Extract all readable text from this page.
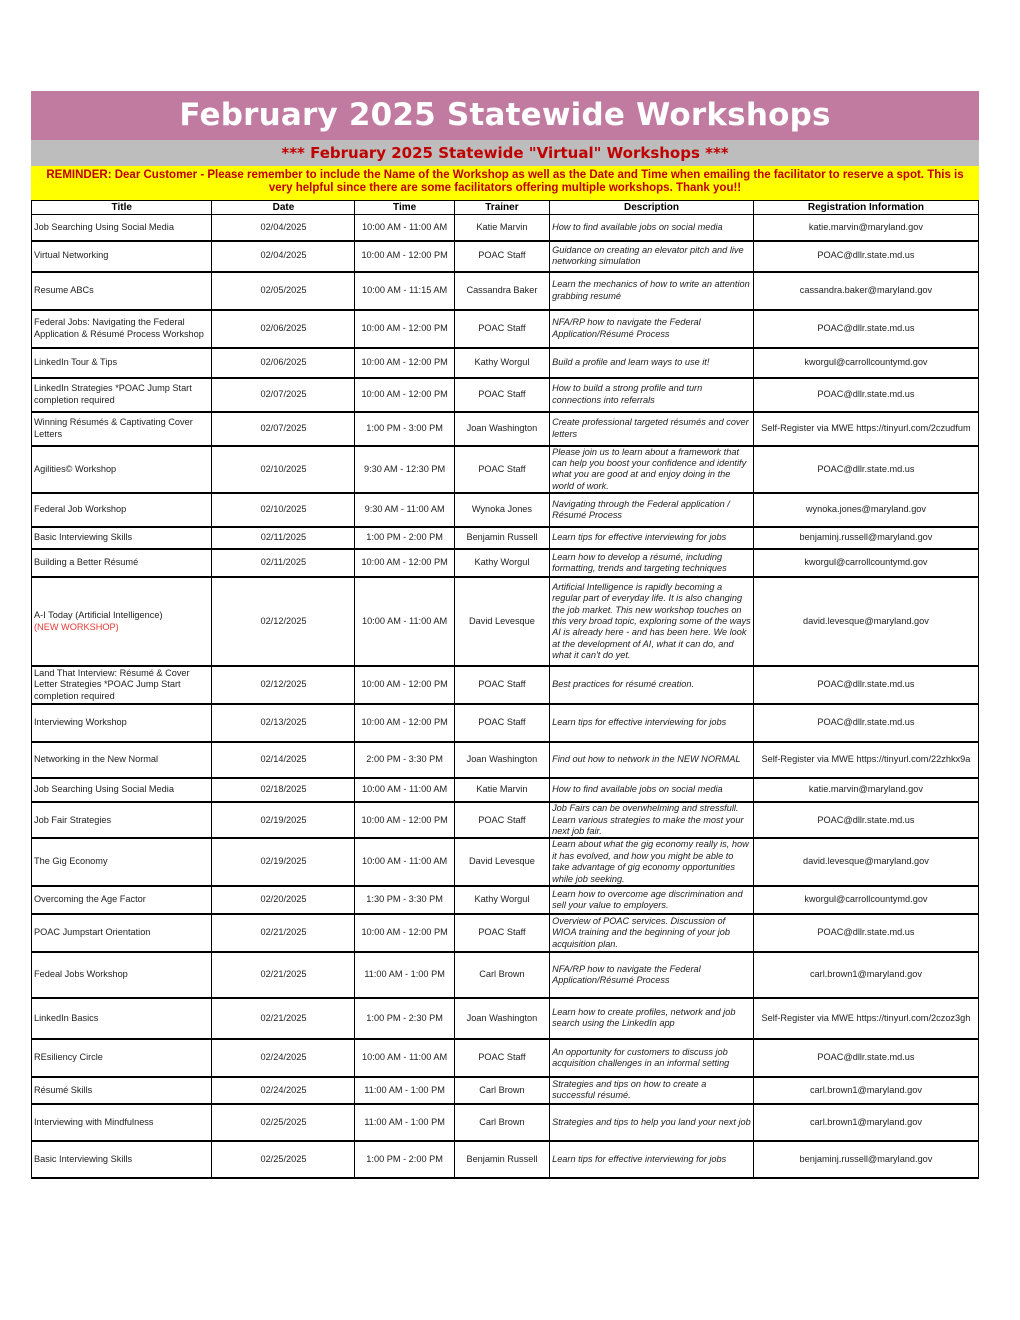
February 2025 Statewide Workshops
*** February 2025 Statewide "Virtual" Workshops ***
REMINDER: Dear Customer - Please remember to include the Name of the Workshop as well as the Date and Time when emailing the facilitator to reserve a spot. This is very helpful since there are some facilitators offering multiple workshops. Thank you!!
Title	Date	Time	Trainer	Description	Registration Information
Job Searching Using Social Media	02/04/2025	10:00 AM - 11:00 AM	Katie Marvin	How to find available jobs on social media	katie.marvin@maryland.gov
Virtual Networking	02/04/2025	10:00 AM - 12:00 PM	POAC Staff	Guidance on creating an elevator pitch and live networking simulation	POAC@dllr.state.md.us
Resume ABCs	02/05/2025	10:00 AM - 11:15 AM	Cassandra Baker	Learn the mechanics of how to write an attention grabbing resumé	cassandra.baker@maryland.gov
Federal Jobs: Navigating the Federal Application & Résumé Process Workshop	02/06/2025	10:00 AM - 12:00 PM	POAC Staff	NFA/RP how to navigate the Federal Application/Résumé Process	POAC@dllr.state.md.us
LinkedIn Tour & Tips	02/06/2025	10:00 AM - 12:00 PM	Kathy Worgul	Build a profile and learn ways to use it!	kworgul@carrollcountymd.gov
LinkedIn Strategies *POAC Jump Start completion required	02/07/2025	10:00 AM - 12:00 PM	POAC Staff	How to build a strong profile and turn connections into referrals	POAC@dllr.state.md.us
Winning Résumés & Captivating Cover Letters	02/07/2025	1:00 PM - 3:00 PM	Joan Washington	Create professional targeted résumés and cover letters	Self-Register via MWE https://tinyurl.com/2czudfum
Agilities© Workshop	02/10/2025	9:30 AM - 12:30 PM	POAC Staff	Please join us to learn about a framework that can help you boost your confidence and identify what you are good at and enjoy doing in the world of work.	POAC@dllr.state.md.us
Federal Job Workshop	02/10/2025	9:30 AM - 11:00 AM	Wynoka Jones	Navigating through the Federal application / Résumé Process	wynoka.jones@maryland.gov
Basic Interviewing Skills	02/11/2025	1:00 PM - 2:00 PM	Benjamin Russell	Learn tips for effective interviewing for jobs	benjaminj.russell@maryland.gov
Building a Better Résumé	02/11/2025	10:00 AM - 12:00 PM	Kathy Worgul	Learn how to develop a résumé, including formatting, trends and targeting techniques	kworgul@carrollcountymd.gov
A-I Today (Artificial Intelligence)
(NEW WORKSHOP)	02/12/2025	10:00 AM - 11:00 AM	David Levesque	Artificial Intelligence is rapidly becoming a regular part of everyday life. It is also changing the job market. This new workshop touches on this very broad topic, exploring some of the ways AI is already here - and has been here. We look at the development of AI, what it can do, and what it can't do yet.	david.levesque@maryland.gov
Land That Interview: Résumé & Cover Letter Strategies *POAC Jump Start completion required	02/12/2025	10:00 AM - 12:00 PM	POAC Staff	Best practices for résumé creation.	POAC@dllr.state.md.us
Interviewing Workshop	02/13/2025	10:00 AM - 12:00 PM	POAC Staff	Learn tips for effective interviewing for jobs	POAC@dllr.state.md.us
Networking in the New Normal	02/14/2025	2:00 PM - 3:30 PM	Joan Washington	Find out how to network in the NEW NORMAL	Self-Register via MWE https://tinyurl.com/22zhkx9a
Job Searching Using Social Media	02/18/2025	10:00 AM - 11:00 AM	Katie Marvin	How to find available jobs on social media	katie.marvin@maryland.gov
Job Fair Strategies	02/19/2025	10:00 AM - 12:00 PM	POAC Staff	Job Fairs can be overwhelming and stressfull. Learn various strategies to make the most your next job fair.	POAC@dllr.state.md.us
The Gig Economy	02/19/2025	10:00 AM - 11:00 AM	David Levesque	Learn about what the gig economy really is, how it has evolved, and how you might be able to take advantage of gig economy opportunities while job seeking.	david.levesque@maryland.gov
Overcoming the Age Factor	02/20/2025	1:30 PM - 3:30 PM	Kathy Worgul	Learn how to overcome age discrimination and sell your value to employers.	kworgul@carrollcountymd.gov
POAC Jumpstart Orientation	02/21/2025	10:00 AM - 12:00 PM	POAC Staff	Overview of POAC services. Discussion of WIOA training and the beginning of your job acquisition plan.	POAC@dllr.state.md.us
Fedeal Jobs Workshop	02/21/2025	11:00 AM - 1:00 PM	Carl Brown	NFA/RP how to navigate the Federal Application/Résumé Process	carl.brown1@maryland.gov
LinkedIn Basics	02/21/2025	1:00 PM - 2:30 PM	Joan Washington	Learn how to create profiles, network and job search using the LinkedIn app	Self-Register via MWE https://tinyurl.com/2czoz3gh
REsiliency Circle	02/24/2025	10:00 AM - 11:00 AM	POAC Staff	An opportunity for customers to discuss job acquisition challenges in an informal setting	POAC@dllr.state.md.us
Résumé Skills	02/24/2025	11:00 AM - 1:00 PM	Carl Brown	Strategies and tips on how to create a successful résumé.	carl.brown1@maryland.gov
Interviewing with Mindfulness	02/25/2025	11:00 AM - 1:00 PM	Carl Brown	Strategies and tips to help you land your next job	carl.brown1@maryland.gov
Basic Interviewing Skills	02/25/2025	1:00 PM - 2:00 PM	Benjamin Russell	Learn tips for effective interviewing for jobs	benjaminj.russell@maryland.gov
